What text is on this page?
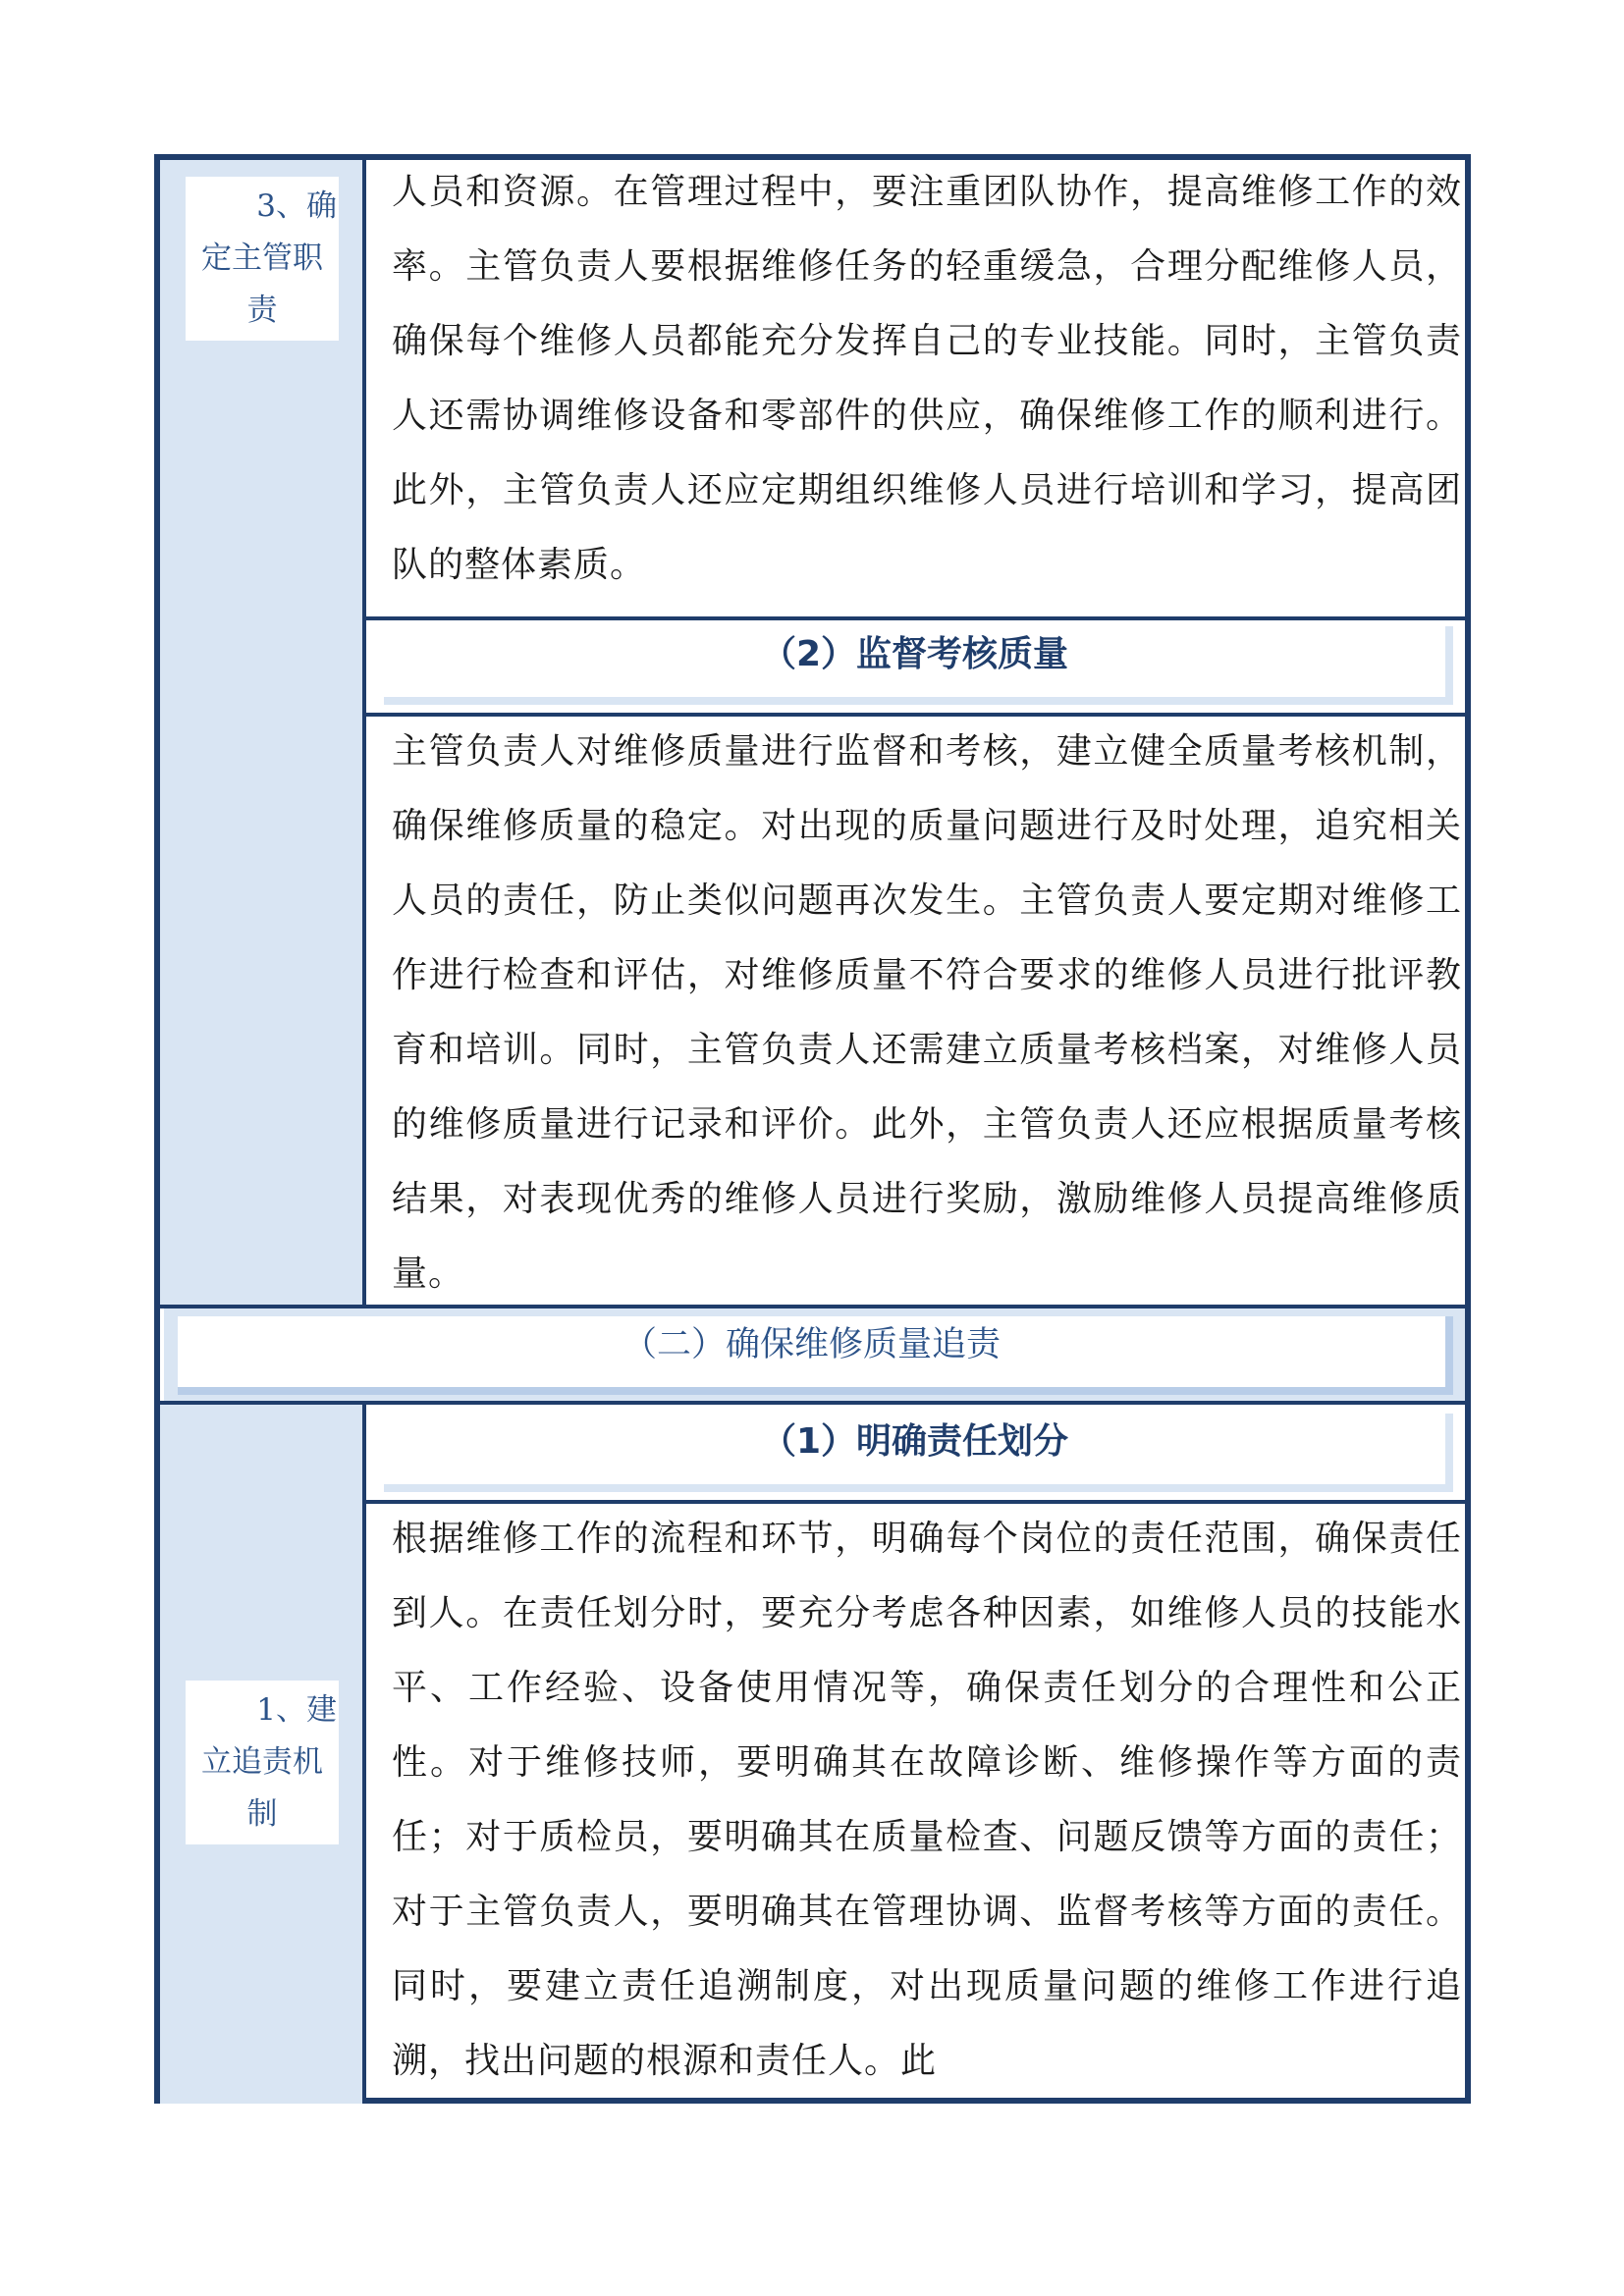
3、确
定主管职
责
人员和资源。在管理过程中，要注重团队协作，提高维修工作的效率。主管负责人要根据维修任务的轻重缓急，合理分配维修人员，确保每个维修人员都能充分发挥自己的专业技能。同时，主管负责人还需协调维修设备和零部件的供应，确保维修工作的顺利进行。此外，主管负责人还应定期组织维修人员进行培训和学习，提高团队的整体素质。
（2）监督考核质量
主管负责人对维修质量进行监督和考核，建立健全质量考核机制，确保维修质量的稳定。对出现的质量问题进行及时处理，追究相关人员的责任，防止类似问题再次发生。主管负责人要定期对维修工作进行检查和评估，对维修质量不符合要求的维修人员进行批评教育和培训。同时，主管负责人还需建立质量考核档案，对维修人员的维修质量进行记录和评价。此外，主管负责人还应根据质量考核结果，对表现优秀的维修人员进行奖励，激励维修人员提高维修质量。
（二）确保维修质量追责
（1）明确责任划分
1、建
立追责机
制
根据维修工作的流程和环节，明确每个岗位的责任范围，确保责任到人。在责任划分时，要充分考虑各种因素，如维修人员的技能水平、工作经验、设备使用情况等，确保责任划分的合理性和公正性。对于维修技师，要明确其在故障诊断、维修操作等方面的责任；对于质检员，要明确其在质量检查、问题反馈等方面的责任；对于主管负责人，要明确其在管理协调、监督考核等方面的责任。同时，要建立责任追溯制度，对出现质量问题的维修工作进行追溯，找出问题的根源和责任人。此
